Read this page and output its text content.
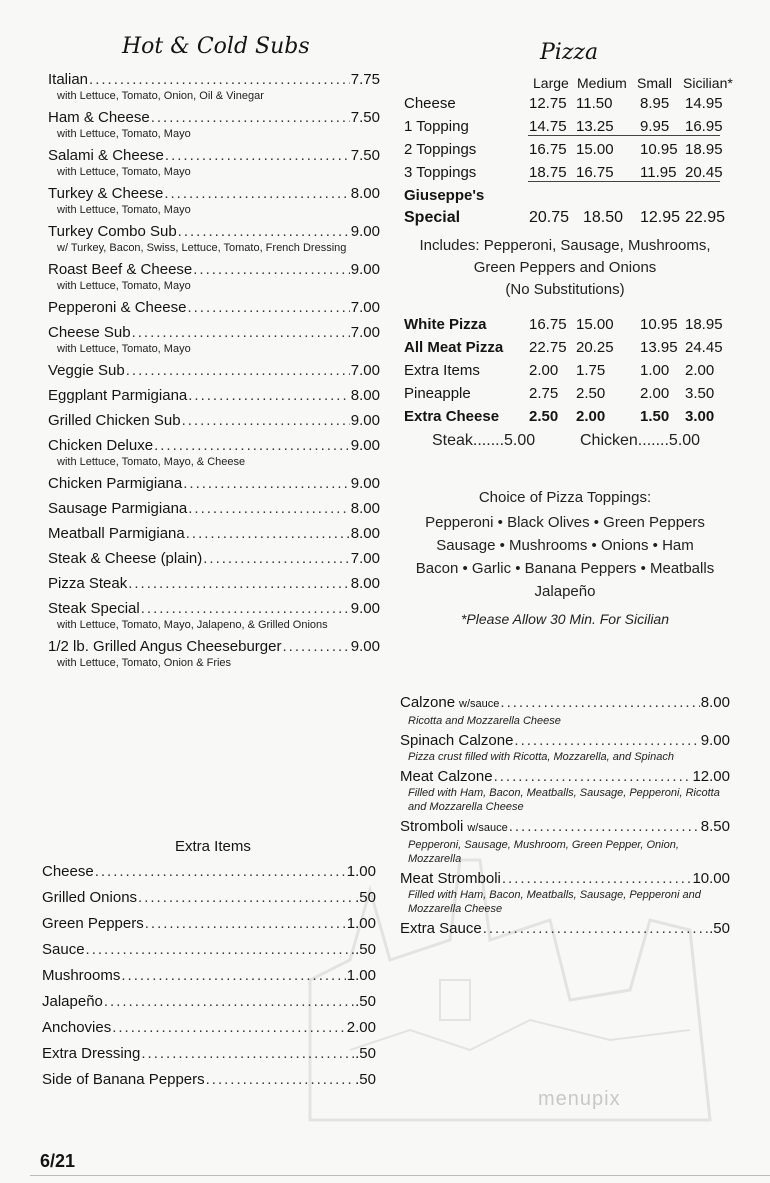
menupix
Hot & Cold Subs
Italian .....	7.75
with Lettuce, Tomato, Onion, Oil & Vinegar
Ham & Cheese .....	7.50
with Lettuce, Tomato, Mayo
Salami & Cheese .....	7.50
with Lettuce, Tomato, Mayo
Turkey & Cheese .....	8.00
with Lettuce, Tomato, Mayo
Turkey Combo Sub .....	9.00
w/ Turkey, Bacon, Swiss, Lettuce, Tomato, French Dressing
Roast Beef & Cheese .....	9.00
with Lettuce, Tomato, Mayo
Pepperoni & Cheese .....	7.00
Cheese Sub .....	7.00
with Lettuce, Tomato, Mayo
Veggie Sub .....	7.00
Eggplant Parmigiana .....	8.00
Grilled Chicken Sub .....	9.00
Chicken Deluxe .....	9.00
with Lettuce, Tomato, Mayo, & Cheese
Chicken Parmigiana .....	9.00
Sausage Parmigiana .....	8.00
Meatball Parmigiana .....	8.00
Steak & Cheese (plain) .....	7.00
Pizza Steak .....	8.00
Steak Special .....	9.00
with Lettuce, Tomato, Mayo, Jalapeno, & Grilled Onions
1/2 lb. Grilled Angus Cheeseburger .....	9.00
with Lettuce, Tomato, Onion & Fries
Extra Items
Cheese .....	1.00
Grilled Onions .....	.50
Green Peppers .....	1.00
Sauce .....	.50
Mushrooms .....	1.00
Jalapeño .....	.50
Anchovies .....	2.00
Extra Dressing .....	.50
Side of Banana Peppers .....	.50
6/21
Pizza
Large Medium Small Sicilian*
Cheese	12.75 11.50 8.95 14.95
1 Topping	14.75 13.25 9.95 16.95
2 Toppings	16.75 15.00 10.95 18.95
3 Toppings	18.75 16.75 11.95 20.45
Giuseppe's
Special	20.75 18.50 12.95 22.95
Includes: Pepperoni, Sausage, Mushrooms,
Green Peppers and Onions
(No Substitutions)
White Pizza	16.75 15.00 10.95 18.95
All Meat Pizza 22.75 20.25 13.95 24.45
Extra Items	2.00 1.75 1.00 2.00
Pineapple	2.75 2.50 2.00 3.50
Extra Cheese 2.50 2.00 1.50 3.00
Steak.......5.00	Chicken.......5.00
Choice of Pizza Toppings:
Pepperoni • Black Olives • Green Peppers
Sausage • Mushrooms • Onions • Ham
Bacon • Garlic • Banana Peppers • Meatballs
Jalapeño
*Please Allow 30 Min. For Sicilian
Calzone w/sauce .....	8.00
Ricotta and Mozzarella Cheese
Spinach Calzone .....	9.00
Pizza crust filled with Ricotta, Mozzarella, and Spinach
Meat Calzone .....	12.00
Filled with Ham, Bacon, Meatballs, Sausage, Pepperoni, Ricotta
and Mozzarella Cheese
Stromboli w/sauce .....	8.50
Pepperoni, Sausage, Mushroom, Green Pepper, Onion,
Mozzarella
Meat Stromboli .....	10.00
Filled with Ham, Bacon, Meatballs, Sausage, Pepperoni and
Mozzarella Cheese
Extra Sauce .....	.50
